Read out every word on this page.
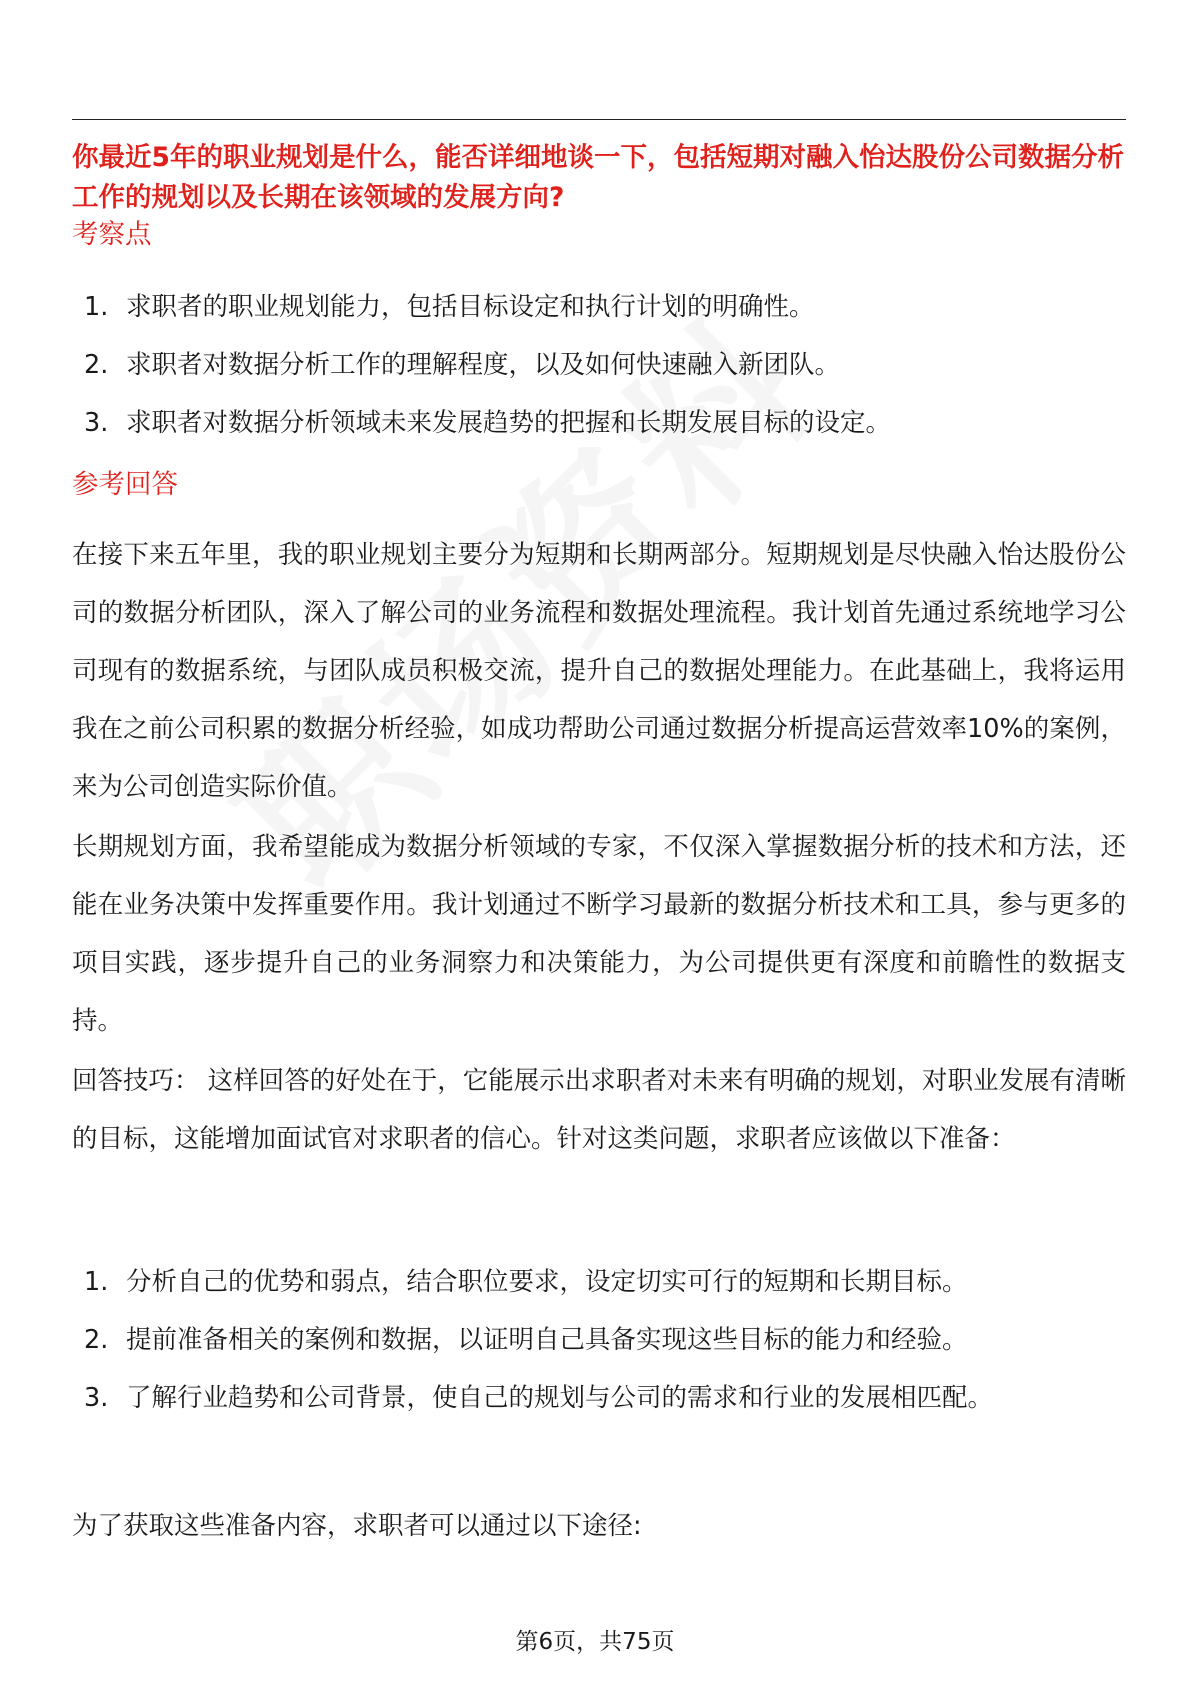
你最近5年的职业规划是什么，能否详细地谈一下，包括短期对融入怡达股份公司数据分析工作的规划以及长期在该领域的发展方向?
考察点
1. 求职者的职业规划能力，包括目标设定和执行计划的明确性。
2. 求职者对数据分析工作的理解程度，以及如何快速融入新团队。
3. 求职者对数据分析领域未来发展趋势的把握和长期发展目标的设定。
参考回答

在接下来五年里，我的职业规划主要分为短期和长期两部分。短期规划是尽快融入怡达股份公司的数据分析团队，深入了解公司的业务流程和数据处理流程。我计划首先通过系统地学习公司现有的数据系统，与团队成员积极交流，提升自己的数据处理能力。在此基础上，我将运用我在之前公司积累的数据分析经验，如成功帮助公司通过数据分析提高运营效率10%的案例，来为公司创造实际价值。

长期规划方面，我希望能成为数据分析领域的专家，不仅深入掌握数据分析的技术和方法，还能在业务决策中发挥重要作用。我计划通过不断学习最新的数据分析技术和工具，参与更多的项目实践，逐步提升自己的业务洞察力和决策能力，为公司提供更有深度和前瞻性的数据支持。

回答技巧： 这样回答的好处在于，它能展示出求职者对未来有明确的规划，对职业发展有清晰的目标，这能增加面试官对求职者的信心。针对这类问题，求职者应该做以下准备：

1. 分析自己的优势和弱点，结合职位要求，设定切实可行的短期和长期目标。
2. 提前准备相关的案例和数据，以证明自己具备实现这些目标的能力和经验。
3. 了解行业趋势和公司背景，使自己的规划与公司的需求和行业的发展相匹配。

为了获取这些准备内容，求职者可以通过以下途径:

第6页，共75页
